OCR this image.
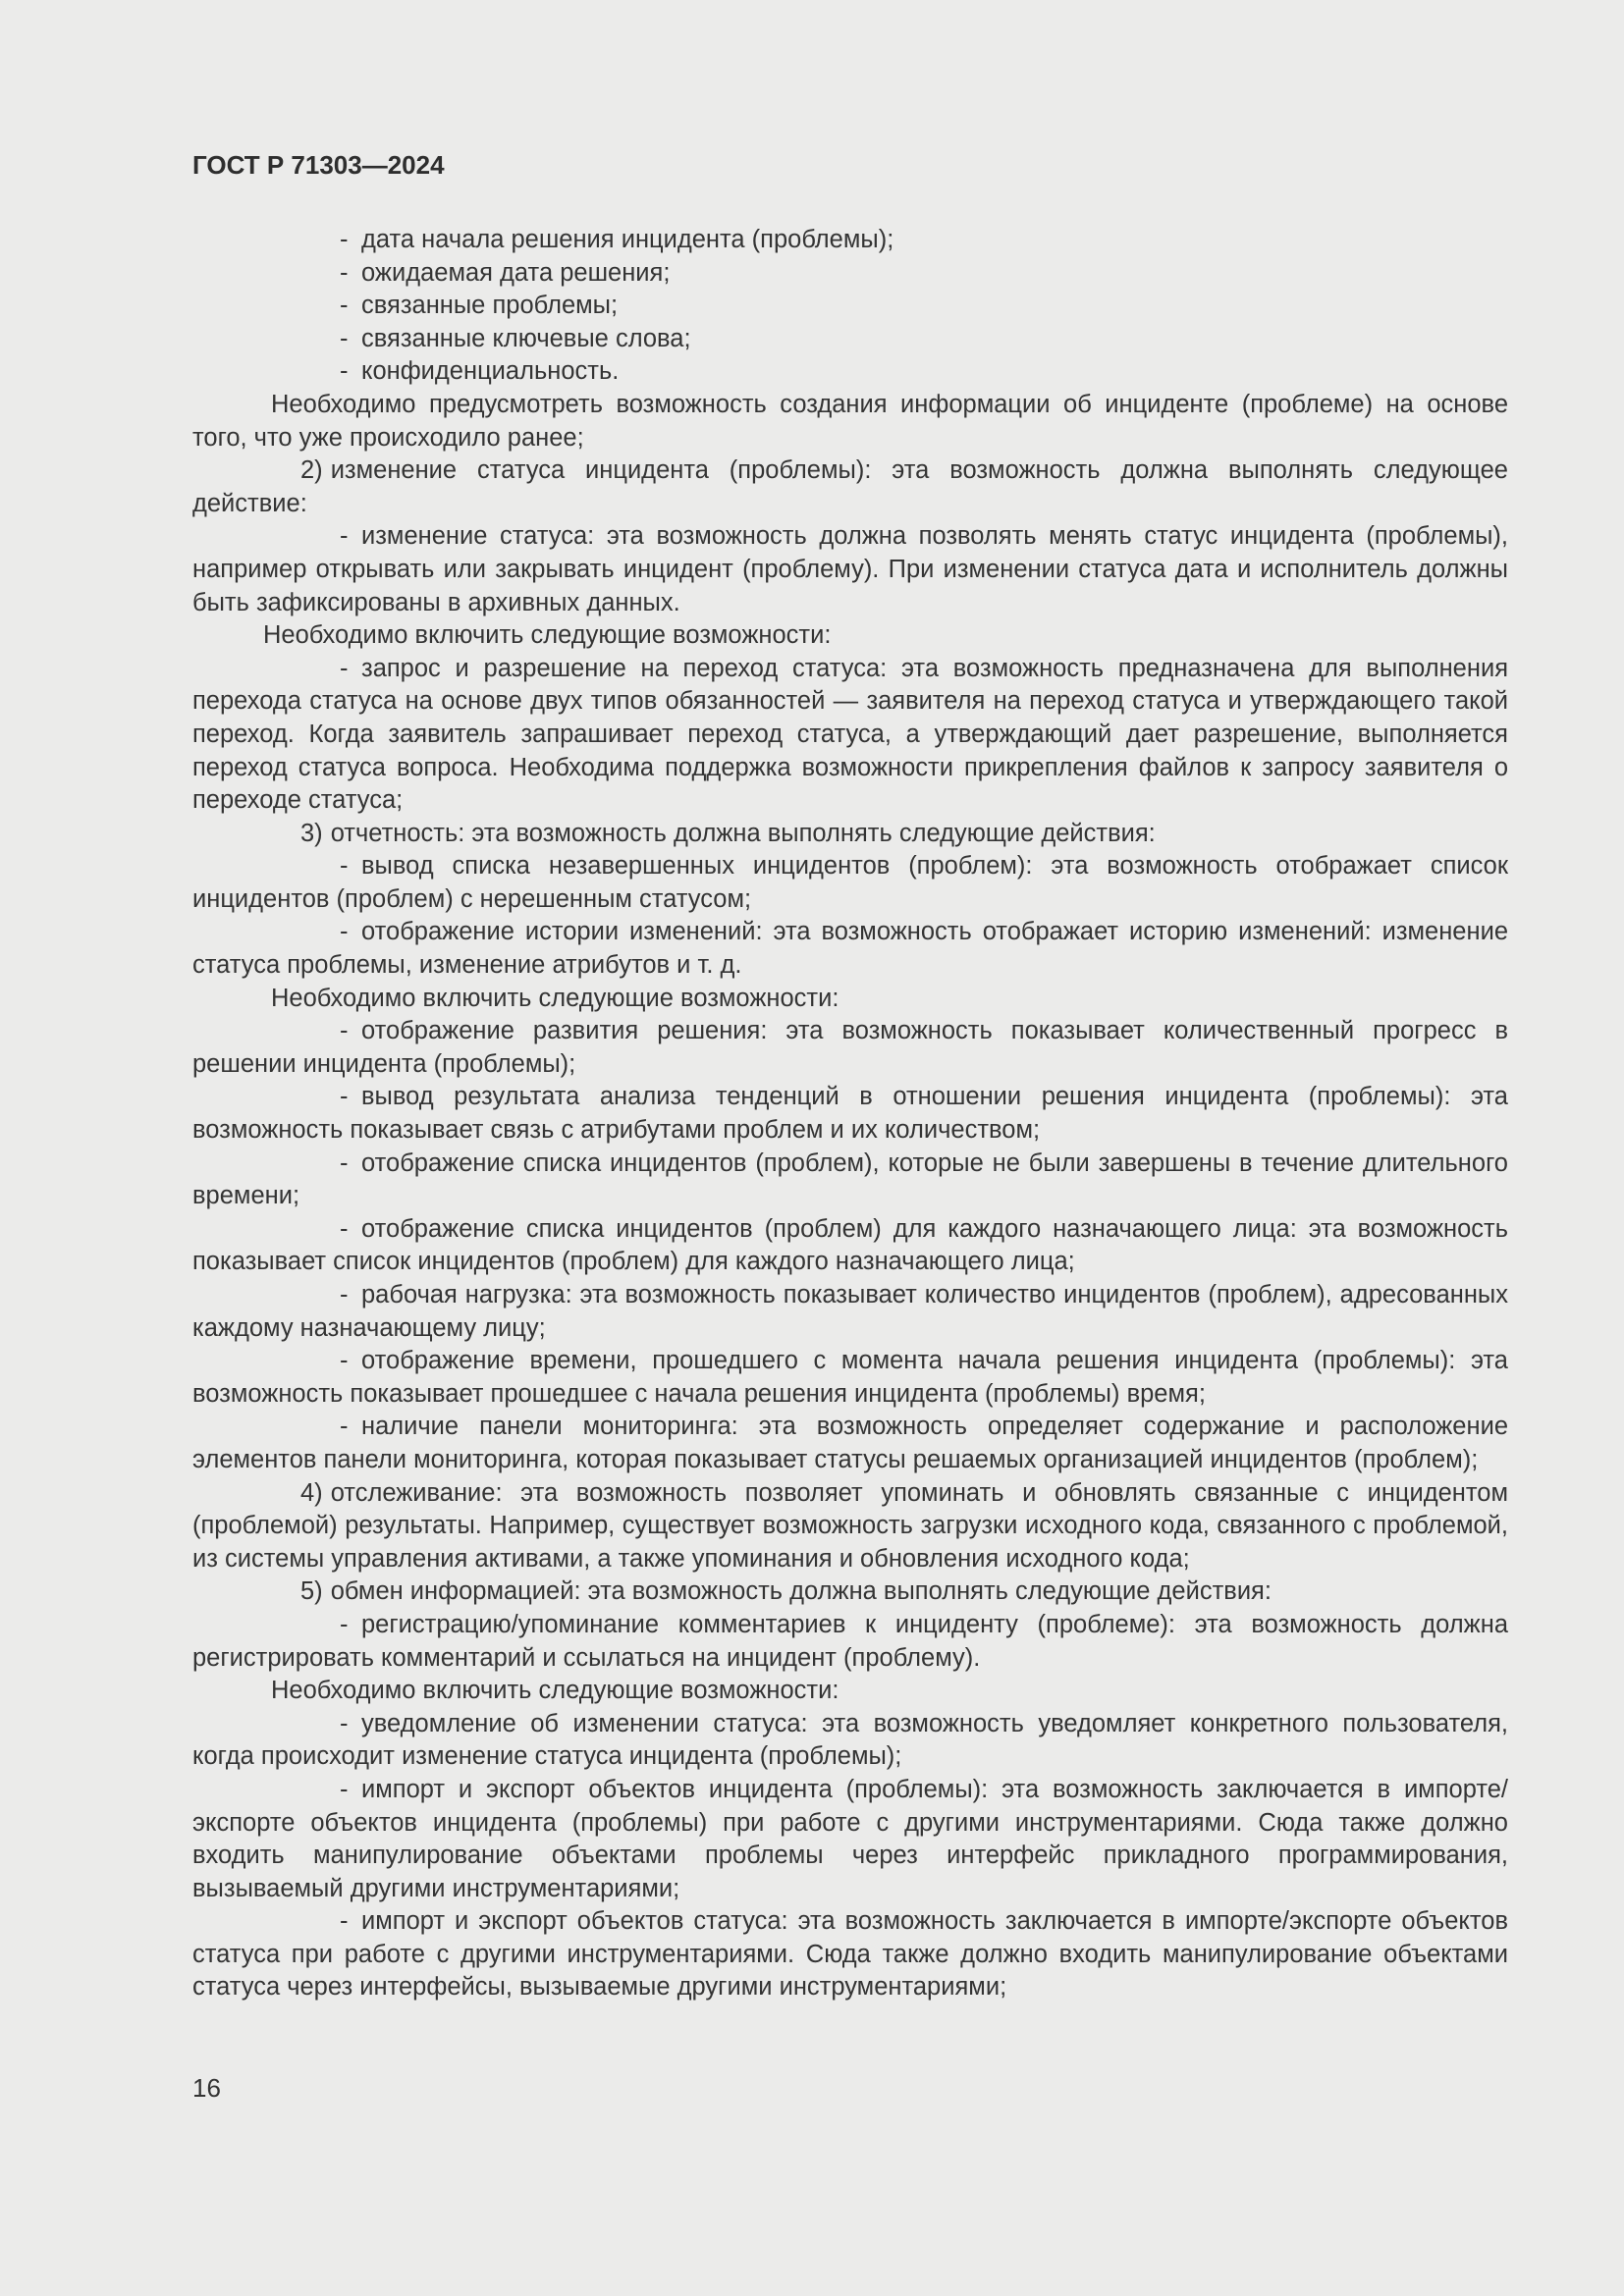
ГОСТ Р 71303—2024

- дата начала решения инцидента (проблемы);

- ожидаемая дата решения;

- связанные проблемы;

- связанные ключевые слова;

- конфиденциальность.

Необходимо предусмотреть возможность создания информации об инциденте (проблеме) на основе того, что уже происходило ранее;

2) изменение статуса инцидента (проблемы): эта возможность должна выполнять следующее действие:

- изменение статуса: эта возможность должна позволять менять статус инцидента (проблемы), например открывать или закрывать инцидент (проблему). При изменении статуса дата и исполнитель должны быть зафиксированы в архивных данных.

Необходимо включить следующие возможности:

- запрос и разрешение на переход статуса: эта возможность предназначена для выполнения перехода статуса на основе двух типов обязанностей — заявителя на переход статуса и утверждающего такой переход. Когда заявитель запрашивает переход статуса, а утверждающий дает разрешение, выполняется переход статуса вопроса. Необходима поддержка возможности прикрепления файлов к запросу заявителя о переходе статуса;

3) отчетность: эта возможность должна выполнять следующие действия:

- вывод списка незавершенных инцидентов (проблем): эта возможность отображает список инцидентов (проблем) с нерешенным статусом;

- отображение истории изменений: эта возможность отображает историю изменений: изменение статуса проблемы, изменение атрибутов и т. д.

Необходимо включить следующие возможности:

- отображение развития решения: эта возможность показывает количественный прогресс в решении инцидента (проблемы);

- вывод результата анализа тенденций в отношении решения инцидента (проблемы): эта возможность показывает связь с атрибутами проблем и их количеством;

- отображение списка инцидентов (проблем), которые не были завершены в течение длительного времени;

- отображение списка инцидентов (проблем) для каждого назначающего лица: эта возможность показывает список инцидентов (проблем) для каждого назначающего лица;

- рабочая нагрузка: эта возможность показывает количество инцидентов (проблем), адресованных каждому назначающему лицу;

- отображение времени, прошедшего с момента начала решения инцидента (проблемы): эта возможность показывает прошедшее с начала решения инцидента (проблемы) время;

- наличие панели мониторинга: эта возможность определяет содержание и расположение элементов панели мониторинга, которая показывает статусы решаемых организацией инцидентов (проблем);

4) отслеживание: эта возможность позволяет упоминать и обновлять связанные с инцидентом (проблемой) результаты. Например, существует возможность загрузки исходного кода, связанного с проблемой, из системы управления активами, а также упоминания и обновления исходного кода;

5) обмен информацией: эта возможность должна выполнять следующие действия:

- регистрацию/упоминание комментариев к инциденту (проблеме): эта возможность должна регистрировать комментарий и ссылаться на инцидент (проблему).

Необходимо включить следующие возможности:

- уведомление об изменении статуса: эта возможность уведомляет конкретного пользователя, когда происходит изменение статуса инцидента (проблемы);

- импорт и экспорт объектов инцидента (проблемы): эта возможность заключается в импорте/экспорте объектов инцидента (проблемы) при работе с другими инструментариями. Сюда также должно входить манипулирование объектами проблемы через интерфейс прикладного программирования, вызываемый другими инструментариями;

- импорт и экспорт объектов статуса: эта возможность заключается в импорте/экспорте объектов статуса при работе с другими инструментариями. Сюда также должно входить манипулирование объектами статуса через интерфейсы, вызываемые другими инструментариями;

16
